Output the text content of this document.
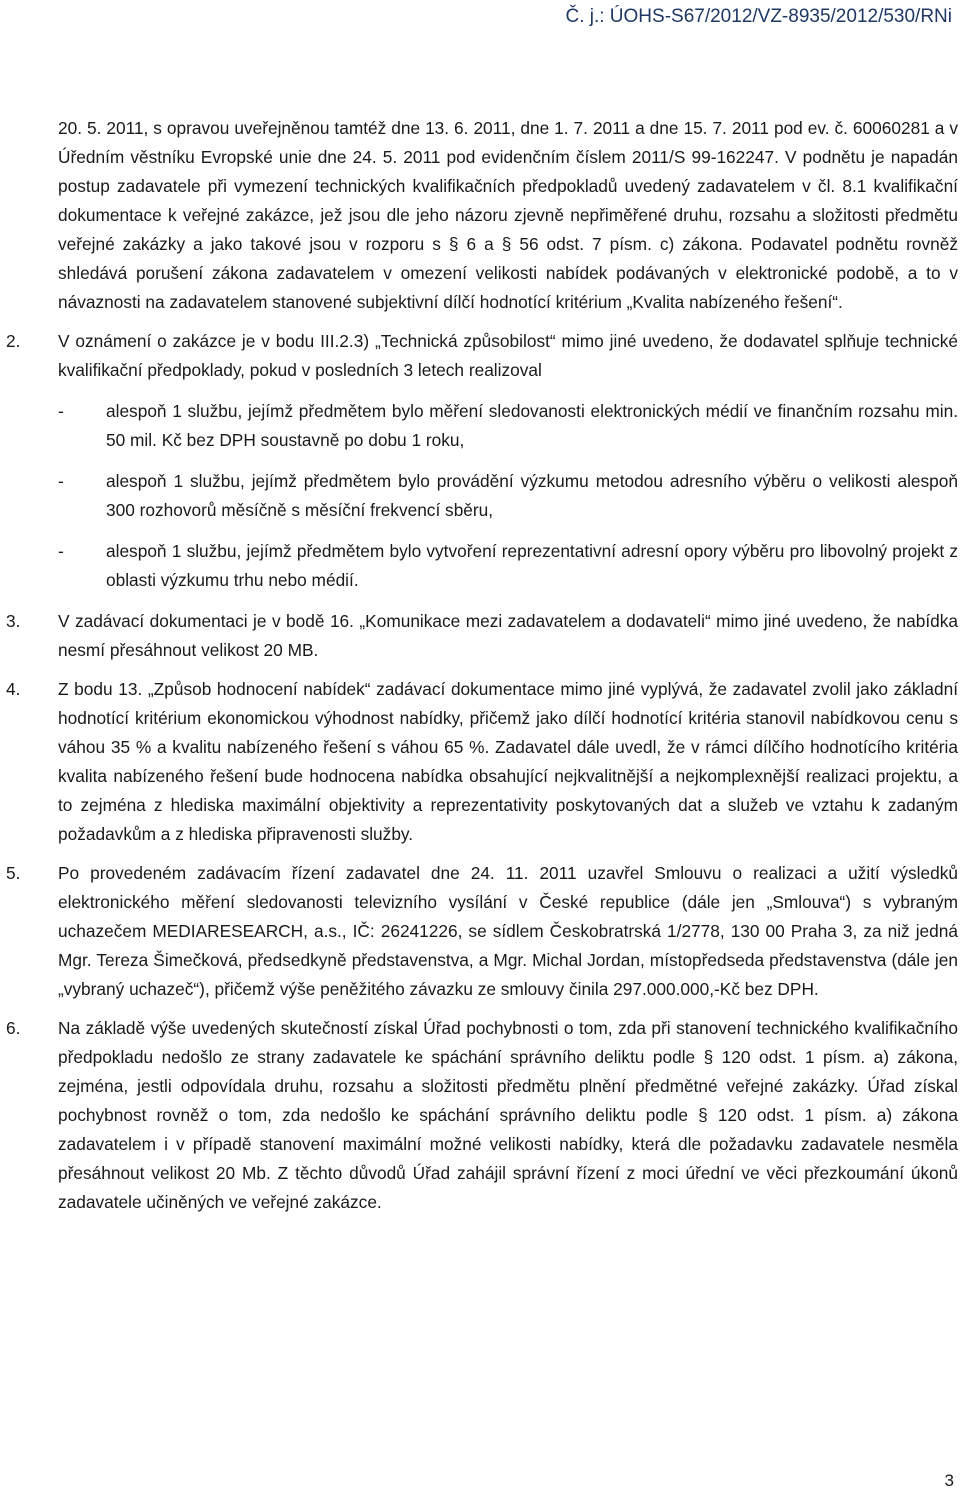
Č. j.: ÚOHS-S67/2012/VZ-8935/2012/530/RNi

20. 5. 2011, s opravou uveřejněnou tamtéž dne 13. 6. 2011, dne 1. 7. 2011 a dne 15. 7. 2011 pod ev. č. 60060281 a v Úředním věstníku Evropské unie dne 24. 5. 2011 pod evidenčním číslem 2011/S 99-162247. V podnětu je napadán postup zadavatele při vymezení technických kvalifikačních předpokladů uvedený zadavatelem v čl. 8.1 kvalifikační dokumentace k veřejné zakázce, jež jsou dle jeho názoru zjevně nepřiměřené druhu, rozsahu a složitosti předmětu veřejné zakázky a jako takové jsou v rozporu s § 6 a § 56 odst. 7 písm. c) zákona. Podavatel podnětu rovněž shledává porušení zákona zadavatelem v omezení velikosti nabídek podávaných v elektronické podobě, a to v návaznosti na zadavatelem stanovené subjektivní dílčí hodnotící kritérium „Kvalita nabízeného řešení“.

2. V oznámení o zakázce je v bodu III.2.3) „Technická způsobilost“ mimo jiné uvedeno, že dodavatel splňuje technické kvalifikační předpoklady, pokud v posledních 3 letech realizoval

- alespoň 1 službu, jejímž předmětem bylo měření sledovanosti elektronických médií ve finančním rozsahu min. 50 mil. Kč bez DPH soustavně po dobu 1 roku,

- alespoň 1 službu, jejímž předmětem bylo provádění výzkumu metodou adresního výběru o velikosti alespoň 300 rozhovorů měsíčně s měsíční frekvencí sběru,

- alespoň 1 službu, jejímž předmětem bylo vytvoření reprezentativní adresní opory výběru pro libovolný projekt z oblasti výzkumu trhu nebo médií.

3. V zadávací dokumentaci je v bodě 16. „Komunikace mezi zadavatelem a dodavateli“ mimo jiné uvedeno, že nabídka nesmí přesáhnout velikost 20 MB.

4. Z bodu 13. „Způsob hodnocení nabídek“ zadávací dokumentace mimo jiné vyplývá, že zadavatel zvolil jako základní hodnotící kritérium ekonomickou výhodnost nabídky, přičemž jako dílčí hodnotící kritéria stanovil nabídkovou cenu s váhou 35 % a kvalitu nabízeného řešení s váhou 65 %. Zadavatel dále uvedl, že v rámci dílčího hodnotícího kritéria kvalita nabízeného řešení bude hodnocena nabídka obsahující nejkvalitnější a nejkomplexnější realizaci projektu, a to zejména z hlediska maximální objektivity a reprezentativity poskytovaných dat a služeb ve vztahu k zadaným požadavkům a z hlediska připravenosti služby.

5. Po provedeném zadávacím řízení zadavatel dne 24. 11. 2011 uzavřel Smlouvu o realizaci a užití výsledků elektronického měření sledovanosti televizního vysílání v České republice (dále jen „Smlouva“) s vybraným uchazečem MEDIARESEARCH, a.s., IČ: 26241226, se sídlem Českobratrská 1/2778, 130 00 Praha 3, za niž jedná Mgr. Tereza Šimečková, předsedkyně představenstva, a Mgr. Michal Jordan, místopředseda představenstva (dále jen „vybraný uchazeč“), přičemž výše peněžitého závazku ze smlouvy činila 297.000.000,-Kč bez DPH.

6. Na základě výše uvedených skutečností získal Úřad pochybnosti o tom, zda při stanovení technického kvalifikačního předpokladu nedošlo ze strany zadavatele ke spáchání správního deliktu podle § 120 odst. 1 písm. a) zákona, zejména, jestli odpovídala druhu, rozsahu a složitosti předmětu plnění předmětné veřejné zakázky. Úřad získal pochybnost rovněž o tom, zda nedošlo ke spáchání správního deliktu podle § 120 odst. 1 písm. a) zákona zadavatelem i v případě stanovení maximální možné velikosti nabídky, která dle požadavku zadavatele nesměla přesáhnout velikost 20 Mb. Z těchto důvodů Úřad zahájil správní řízení z moci úřední ve věci přezkoumání úkonů zadavatele učiněných ve veřejné zakázce.

3
